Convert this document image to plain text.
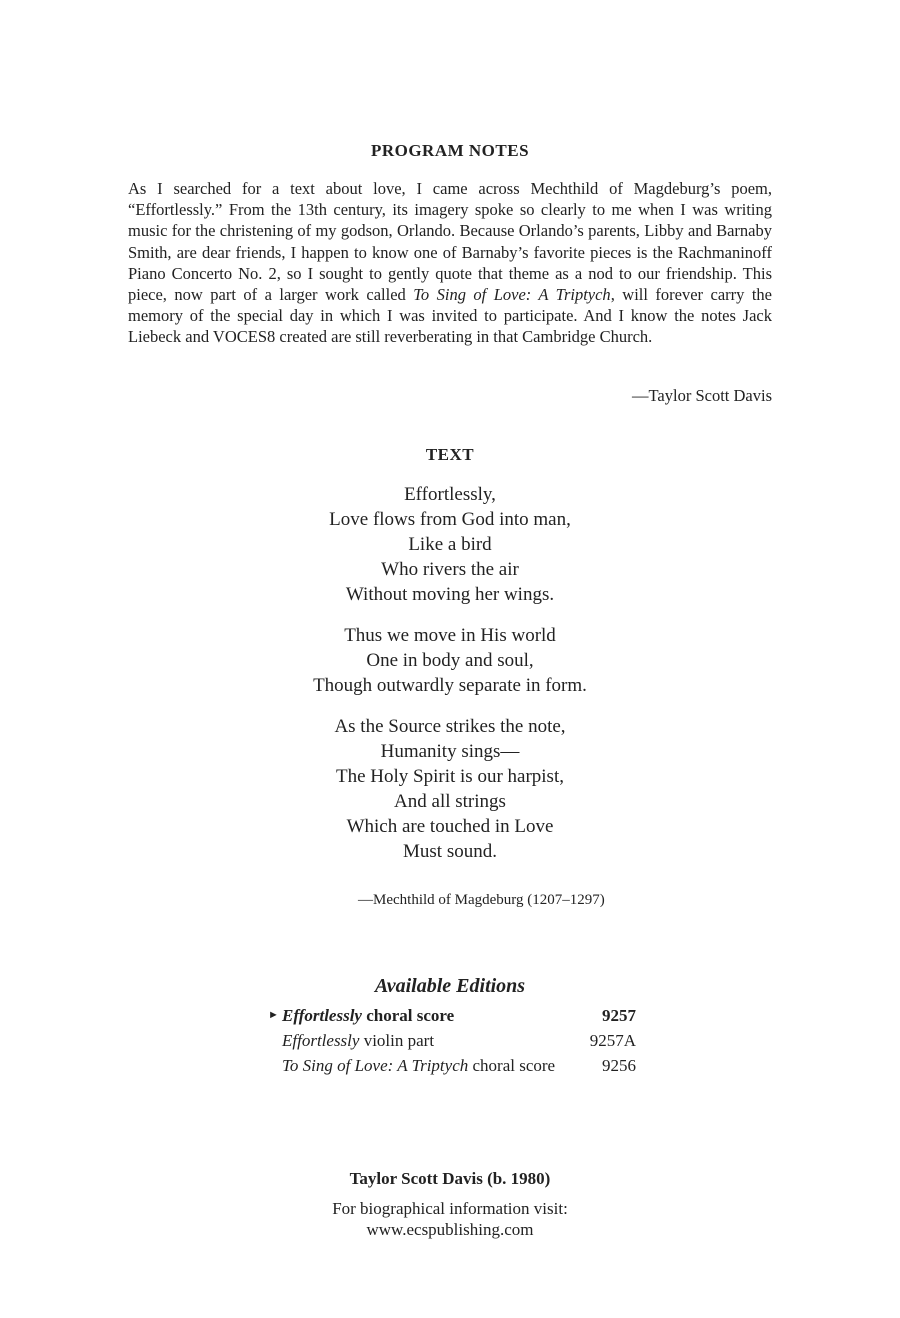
PROGRAM NOTES

As I searched for a text about love, I came across Mechthild of Magdeburg’s poem, “Effortlessly.” From the 13th century, its imagery spoke so clearly to me when I was writing music for the christening of my godson, Orlando. Because Orlando’s parents, Libby and Barnaby Smith, are dear friends, I happen to know one of Barnaby’s favorite pieces is the Rachmaninoff Piano Concerto No. 2, so I sought to gently quote that theme as a nod to our friendship. This piece, now part of a larger work called To Sing of Love: A Triptych, will forever carry the memory of the special day in which I was invited to participate. And I know the notes Jack Liebeck and VOCES8 created are still reverberating in that Cambridge Church.

—Taylor Scott Davis

TEXT
Effortlessly,
Love flows from God into man,
Like a bird
Who rivers the air
Without moving her wings.
Thus we move in His world
One in body and soul,
Though outwardly separate in form.
As the Source strikes the note,
Humanity sings—
The Holy Spirit is our harpist,
And all strings
Which are touched in Love
Must sound.
—Mechthild of Magdeburg (1207–1297)
Available Editions
► Effortlessly choral score	9257
Effortlessly violin part	9257A
To Sing of Love: A Triptych choral score	9256
Taylor Scott Davis (b. 1980)
For biographical information visit:
www.ecspublishing.com
